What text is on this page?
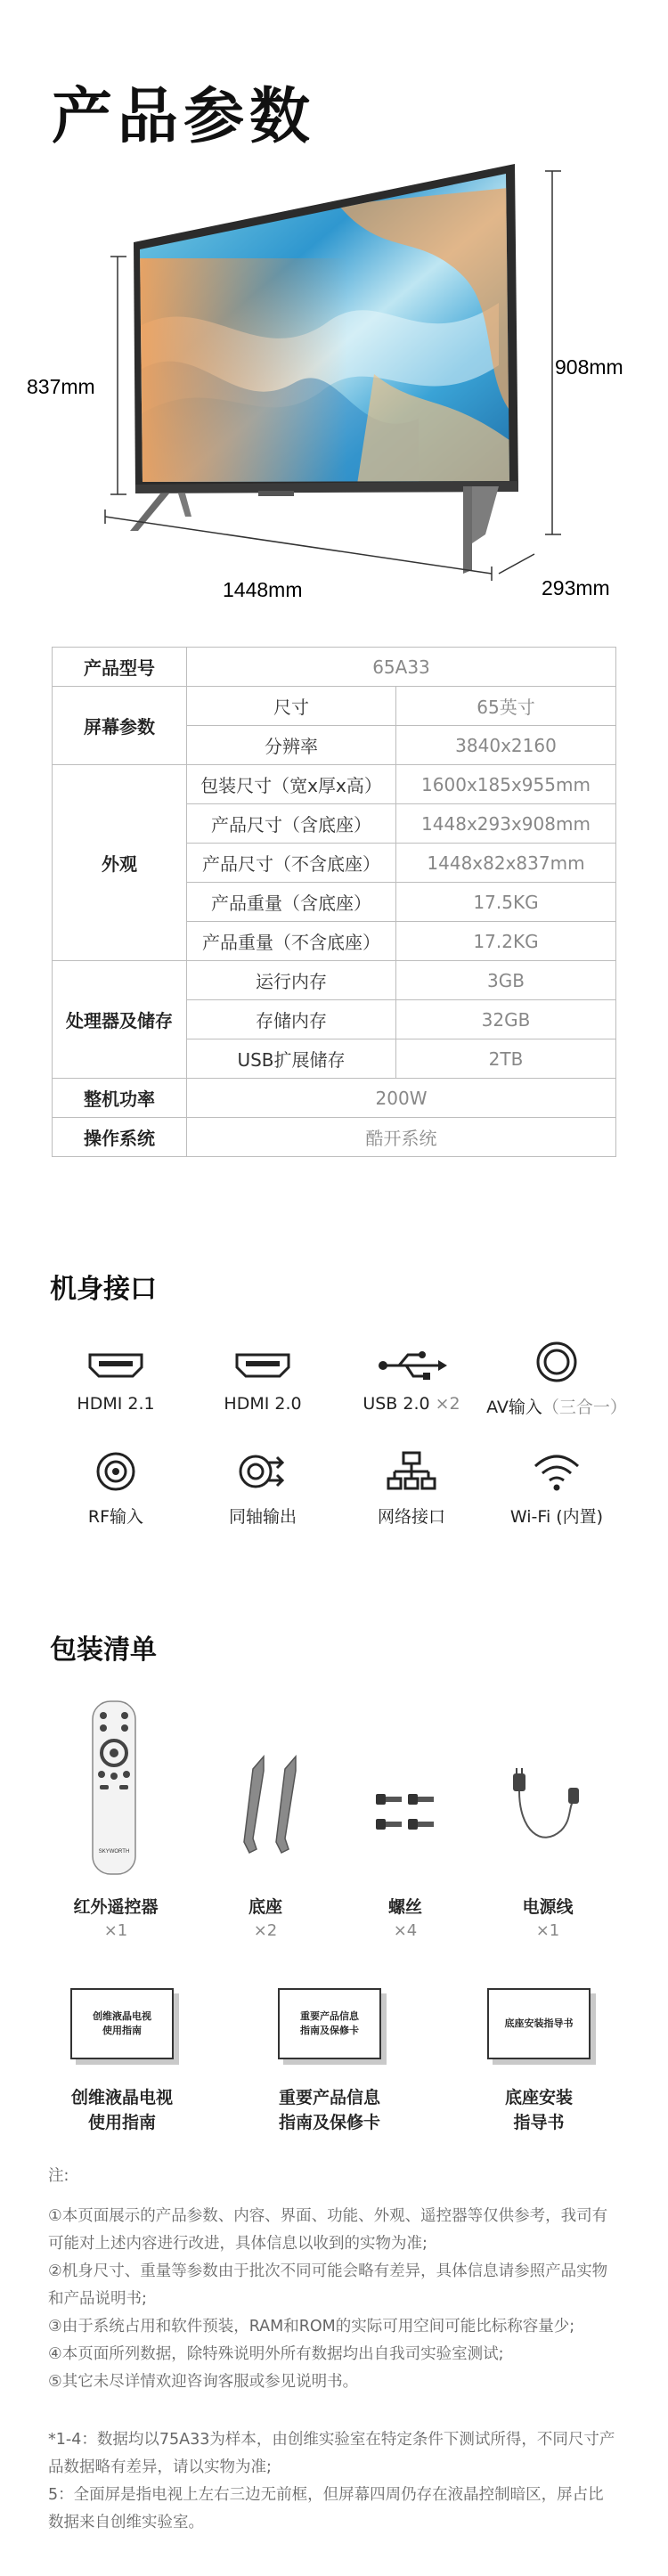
产品参数
837mm
908mm
1448mm	293mm
产品型号	65A33	
屏幕参数	尺寸	65英寸
	分辨率	3840x2160
外观	包装尺寸（宽x厚x高）	1600x185x955mm
	产品尺寸（含底座）	1448x293x908mm
	产品尺寸（不含底座）	1448x82x837mm
	产品重量（含底座）	17.5KG
	产品重量（不含底座）	17.2KG
处理器及储存	运行内存	3GB
	存储内存	32GB
	USB扩展储存	2TB
整机功率	200W	
操作系统	酷开系统	
机身接口
HDMI 2.1	HDMI 2.0	USB 2.0 ×2	AV输入（三合一）
RF输入	同轴输出	网络接口	Wi-Fi (内置)
包装清单
SKYWORTH
红外遥控器
×1
底座
×2
螺丝
×4
电源线
×1
创维液晶电视
使用指南
创维液晶电视
使用指南
重要产品信息
指南及保修卡
重要产品信息
指南及保修卡
底座安装指导书
底座安装
指导书

注:

①本页面展示的产品参数、内容、界面、功能、外观、遥控器等仅供参考，我司有 可能对上述内容进行改进，具体信息以收到的实物为准;

②机身尺寸、重量等参数由于批次不同可能会略有差异，具体信息请参照产品实物和产品说明书;

③由于系统占用和软件预装，RAM和ROM的实际可用空间可能比标称容量少;

④本页面所列数据，除特殊说明外所有数据均出自我司实验室测试;

⑤其它未尽详情欢迎咨询客服或参见说明书。

*1-4：数据均以75A33为样本，由创维实验室在特定条件下测试所得，不同尺寸产品数据略有差异，请以实物为准;

5：全面屏是指电视上左右三边无前框，但屏幕四周仍存在液晶控制暗区，屏占比数据来自创维实验室。
